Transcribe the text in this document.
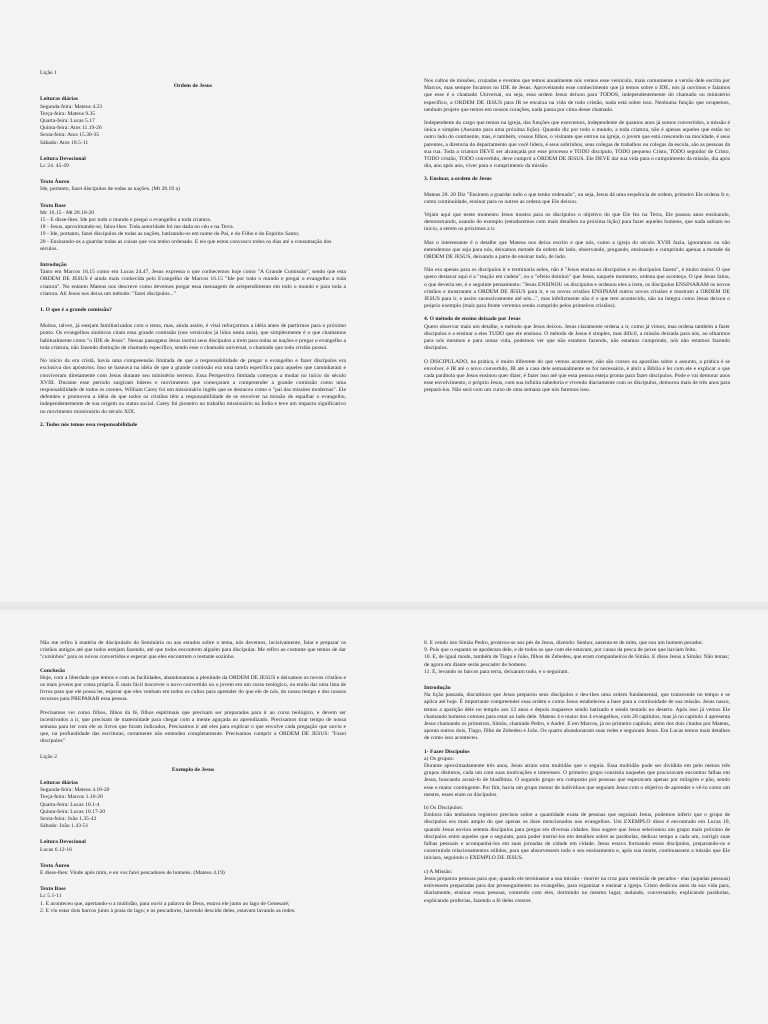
Lição 1

Ordem de Jesus

Leituras diárias

Segunda-feira: Mateus 4.23

Terça-feira: Mateus 9.35

Quarta-feira: Lucas 5.17

Quinta-feira: Atos 11.19-26

Sexta-feira: Atos 15.30-35

Sábado: Atos 18.5-11

Leitura Devocional

Lc 24. 45-49

Texto Áureo

Ide, portanto, fazei discípulos de todas as nações. (Mt 28.19 a)

Texto Base

Mc 16.15 - Mt 28.18-20

15 - E disse-lhes: Ide por todo o mundo e pregai o evangelho a toda criatura.

18 - Jesus, aproximando-se, falou-lhes: Toda autoridade foi me dada no céu e na Terra.

19 - Ide, portanto, fazei discípulos de todas as nações, batizando-os em nome do Pai, e do Filho e do Espírito Santo;

20 - Ensinando-os a guardar todas as coisas que vos tenho ordenado. E eis que estou convosco todos os dias até a consumação dos séculos.

Introdução

Tanto em Marcos 16.15 como em Lucas 24.47, Jesus expressa o que conhecemos hoje como "A Grande Comissão", sendo que esta ORDEM DE JESUS é ainda mais conhecida pelo Evangelho de Marcos 16.15 "Ide por todo o mundo e pregai o evangelho a toda criatura". No entanto Mateus nos descreve como devemos pregar essa mensagem de arrependimento em todo o mundo e para toda a criatura. Ali Jesus nos deixa um método: "fazei discípulos..."

1. O que é a grande comissão?

Muitos, talvez, já estejam familiarizados com o tema, mas, ainda assim, é vital reforçarmos a idéia antes de partirmos para o próximo ponto. Os evangelhos sinóticos citam essa grande comissão (nos versículos já lidos nesta aula), que simplesmente é o que chamamos habitualmente como "o IDE de Jesus". Nessas passagens Jesus instrui seus discípulos a irem para todas as nações e pregar o evangelho a toda criatura, não fazendo distinção de chamado específico, sendo esse o chamado universal, o chamado que todo cristão possui.

No início da era cristã, havia uma compreensão limitada de que a responsabilidade de pregar o evangelho e fazer discípulos era exclusiva dos apóstolos. Isso se baseava na idéia de que a grande comissão era uma tarefa específica para aqueles que caminharam e conviveram diretamente com Jesus durante seu ministério terreno. Essa Perspectiva limitada começou a mudar no início do século XVIII. Durante esse período surgiram líderes e movimentos que começaram a compreender a grande comissão como uma responsabilidade de todos os crentes. William Carey foi um missionário inglês que se destacou como o "pai das missões modernas". Ele defendeu e promoveu a idéia de que todos os cristãos têm a responsabilidade de se envolver na missão de espalhar o evangelho, independentemente de sua origem ou status social. Carey foi pioneiro no trabalho missionário na Índia e teve um impacto significativo no movimento missionário do século XIX.

2. Todos nós temos essa responsabilidade

Nos cultos de missões, cruzadas e eventos que temos anualmente nós vemos esse versículo, mais comumente a versão dele escrita por Marcos, mas sempre focamos no IDE de Jesus. Aproveitando esse conhecimento que já temos sobre o IDE, nós já ouvimos e falamos que esse é o chamado Universal, ou seja, essa ordem Jesus deixou para TODOS, independentemente do chamado ou ministério específico, a ORDEM DE JESUS para IR se encaixa na vida de todo cristão, nada está sobre isso. Nenhuma função que ocupemos, nenhum projeto que temos em nossos corações, nada passa por cima desse chamado.

Independente do cargo que temos na igreja, das funções que exercemos, independente de quantos anos já somos convertidos, a missão é única e simples (Assunto para uma próxima lição). Quando diz por todo o mundo, a toda criatura, não é apenas aqueles que estão no outro lado do continente, mas, é também, vossos filhos, o visitante que entrou na igreja, o jovem que está crescendo na mocidade, é seus parentes, a diretoria do departamento que você lidera, é seus sobrinhos, seus colegas de trabalhos ou colegas da escola, são as pessoas da sua rua. Toda a criatura DEVE ser alcançada por esse processo e TODO discípulo, TODO pequeno Cristo, TODO seguidor de Cristo, TODO cristão, TODO convertido, deve cumprir a ORDEM DE JESUS. Ele DEVE dar sua vida para o cumprimento da missão, dia após dia, ano após ano, viver para o cumprimento da missão.

3. Ensinar, a ordem de Jesus

Mateus 28. 20 Diz "Ensinem a guardar tudo o que tenho ordenado", ou seja, Jesus dá uma sequência de ordem, primeiro Ele ordena Ir e, como continuidade, ensinar para os outros as ordens que Ele deixou.

Vejam aqui que neste momento Jesus mostra para os discípulos o objetivo do que Ele fez na Terra, Ele passou anos ensinando, demonstrando, usando do exemplo (estudaremos com mais detalhes na próxima lição) para fazer aqueles homens, que nada sabiam no início, a serem os próximos a ir.

Mas o interessante é o detalhe que Mateus nos deixa escrito e que nós, como a igreja do século XVIII fazia, ignoramos ou não entendemos que seja para nós, deixamos metade da ordem de lado, observando, pregando, ensinando e cumprindo apenas a metade da ORDEM DE JESUS, deixando a parte de ensinar tudo, de lado.

Não era apenas para os discípulos ir e terminaria neles, não é "Jesus ensina os discípulos e os discípulos fazem", é muito maior. O que quero destacar aqui é a "reação em cadeia", ou o "efeito dominó" que Jesus, naquele momento, ordena que aconteça. O que Jesus falou, o que deveria ser, é o seguinte pensamento: "Jesus ENSINOU os discípulos e ordenou eles a irem, os discípulos ENSINARAM os novos cristãos e mostraram a ORDEM DE JESUS para ir, e os novos cristãos ENSINAM outros novos cristãos e mostram a ORDEM DE JESUS para ir, e assim sucessivamente até nós...", mas infelizmente não é o que tem acontecido, não na íntegra como Jesus deixou o próprio exemplo (mais para frente veremos sendo cumprido pelos primeiros cristãos).

4. O método de ensino deixado por Jesus

Quero observar mais um detalhe, o método que Jesus deixou. Jesus claramente ordena a ir, como já vimos, mas ordena também a fazer discípulos e a ensinar a eles TUDO que ele ensinou. O método de Jesus é simples, mas difícil, a missão deixada para nós, ao olharmos para nós mesmos e para nossa vida, podemos ver que não estamos fazendo, não estamos cumprindo, nós não estamos fazendo discípulos.

O DISCIPULADO, na prática, é muito diferente do que vemos acontecer, não são cursos ou apostilas sobre o assunto, a prática é se envolver, é IR até o novo convertido, IR até a casa dele semanalmente se for necessário, é abrir a Bíblia e ler com ele e explicar o que cada parábola que Jesus ensinou quer dizer, é fazer isso até que essa pessoa esteja pronta para fazer discípulos. Pode e vai demorar anos esse envolvimento, o próprio Jesus, com sua infinita sabedoria e vivendo diariamente com os discípulos, demorou mais de três anos para prepará-los. Não será com um curso de uma semana que nós faremos isso.

Não me refiro à matéria de discipulado do Seminário ou aos estudos sobre o tema, nós devemos, incisivamente, falar e preparar os cristãos antigos até que todos estejam fazendo, até que todos encontrem alguém para discipular. Me refiro ao costume que temos de dar "cursinhos" para os novos convertidos e esperar que eles encontrem o restante sozinho.

Conclusão

Hoje, com a liberdade que temos e com as facilidades, abandonamos a plenitude da ORDEM DE JESUS e deixamos os novos cristãos e os mais jovens por conta própria. É mais fácil inscrever o novo convertido ou o jovem em um curso teológico, ou então dar uma lista de livros para que ele possa ler, esperar que eles venham em todos os cultos para aprender do que ele de nós, do nosso tempo e dos nossos recursos para PREPARAR essa pessoa.

Precisamos ver como filhos, filhos da fé, filhos espirituais que precisam ser preparados para ir ao curso teológico, e devem ser incentivados a ir, que precisam de maternidade para chegar com a mente aguçada ao aprendizado. Precisamos tirar tempo de nossa semana para ler com ele os livros que foram indicados, Precisamos ir até eles para explicar o que envolve cada pregação que ouviu e que, na profundidade das escrituras, certamente não entendeu completamente. Precisamos cumprir a ORDEM DE JESUS: "Fazei discípulos"

Lição 2

Exemplo de Jesus

Leituras diárias

Segunda-feira: Mateus 4.18-20

Terça-feira: Marcos 1.16-20

Quarta-feira: Lucas 10.1-4

Quinta-feira: Lucas 10.17-20

Sexta-feira: João 1.35-42

Sábado: João 1.43-51

Leitura Devocional

Lucas 6.12-16

Texto Áureo

E disse-lhes: Vinde após mim, e eu vos farei pescadores de homens. (Mateus 4.19)

Texto Base

Lc 5.1-11

1. E aconteceu que, apertando-o a multidão, para ouvir a palavra de Deus, estava ele junto ao lago de Genesaré;

2. E viu estar dois barcos junto à praia do lago; e os pescadores, havendo descido deles, estavam lavando as redes.

8. E vendo isto Simão Pedro, prostrou-se aos pés de Jesus, dizendo: Senhor, ausenta-te de mim, que sou um homem pecador.

9. Pois que o espanto se apoderara dele, e de todos os que com ele estavam, por causa da pesca de peixe que haviam feito.

10. E, de igual modo, também de Tiago e João, filhos de Zebedeu, que eram companheiros de Simão. E disse Jesus a Simão: Não temas; de agora em diante serás pescador de homens.

11. E, levando os barcos para terra, deixaram tudo, e o seguiram.

Introdução

Na lição passada, discutimos que Jesus preparou seus discípulos e deu-lhes uma ordem fundamental, que transcende no tempo e se aplica até hoje. É importante compreender essa ordem e como Jesus estabeleceu a base para a continuidade de sua missão. Jesus nasce, temos a aparição dele no templo aos 12 anos e depois reaparece sendo batizado e sendo tentado no deserto. Após isso já vemos Ele chamando homens comuns para estar ao lado dele. Mateus 4 e maior dos 4 evangelhos, com 28 capítulos, mas já no capítulo 4 apresenta Jesus chamando os primeiros, Simão, chamado Pedro, e André. E em Marcos, já no primeiro capítulo, além dos dois citados por Mateus, aponta outros dois, Tiago, filho de Zebedeu e João. Os quatro abandonaram suas redes e seguiram Jesus. Em Lucas temos mais detalhes de como isso aconteceu.

1- Fazer Discípulos

a) Os grupos:

Durante aproximadamente três anos, Jesus atraiu uma multidão que o seguia. Essa multidão pode ser dividida em pelo menos três grupos distintos, cada um com suas motivações e interesses. O primeiro grupo consistia naqueles que procuravam encontrar falhas em Jesus, buscando acusá-lo de blasfêmia. O segundo grupo era composto por pessoas que esperavam apenas por milagres e pão, sendo esse o maior contingente. Por fim, havia um grupo menor de indivíduos que seguiam Jesus com o objetivo de aprender e vê-lo como um mestre, esses eram os discípulos.

b) Os Discípulos:

Embora não tenhamos registros precisos sobre a quantidade exata de pessoas que seguiam Jesus, podemos inferir que o grupo de discípulos era mais amplo do que apenas os doze mencionados nos evangelhos. Um EXEMPLO disso é encontrado em Lucas 10, quando Jesus enviou setenta discípulos para pregar em diversas cidades. Isso sugere que Jesus selecionou um grupo mais próximo de discípulos entre aqueles que o seguiam, para poder instruí-los em detalhes sobre as parábolas, dedicar tempo a cada um, corrigir suas falhas pessoais e acompanhá-los em suas jornadas de cidade em cidade. Jesus estava formando esses discípulos, preparando-os e construindo relacionamentos sólidos, para que absorvessem todo o seu ensinamento e, após sua morte, continuassem a missão que Ele iniciara, seguindo o EXEMPLO DE JESUS.

c) A Missão:

Jesus preparou pessoas para que, quando ele terminasse a sua missão - morrer na cruz para remissão de pecados - elas (aquelas pessoas) estivessem preparadas para dar prosseguimento no evangelho, para organizar e ensinar a igreja. Cristo dedicou anos da sua vida para, diariamente, ensinar essas pessoas, comendo com eles, dormindo no mesmo lugar, andando, conversando, explicando parábolas, explicando profecias, fazendo a fé deles crescer.
